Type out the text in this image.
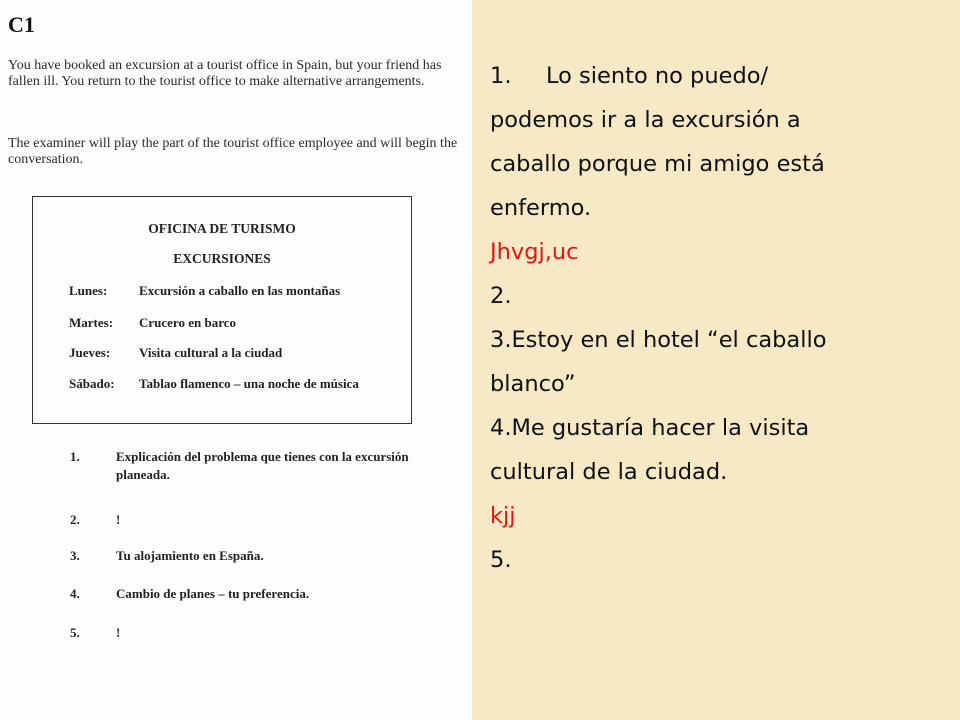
C1

You have booked an excursion at a tourist office in Spain, but your friend has fallen ill. You return to the tourist office to make alternative arrangements.

The examiner will play the part of the tourist office employee and will begin the conversation.

OFICINA DE TURISMO
EXCURSIONES
Lunes: Excursión a caballo en las montañas
Martes: Crucero en barco
Jueves: Visita cultural a la ciudad
Sábado: Tablao flamenco – una noche de música
1.	Explicación del problema que tienes con la excursión planeada.
2.	!
3.	Tu alojamiento en España.
4.	Cambio de planes – tu preferencia.
5.	!
1. Lo siento no puedo/
podemos ir a la excursión a
caballo porque mi amigo está
enfermo.
Jhvgj,uc
2.
3.Estoy en el hotel “el caballo
blanco”
4.Me gustaría hacer la visita
cultural de la ciudad.
kjj
5.
